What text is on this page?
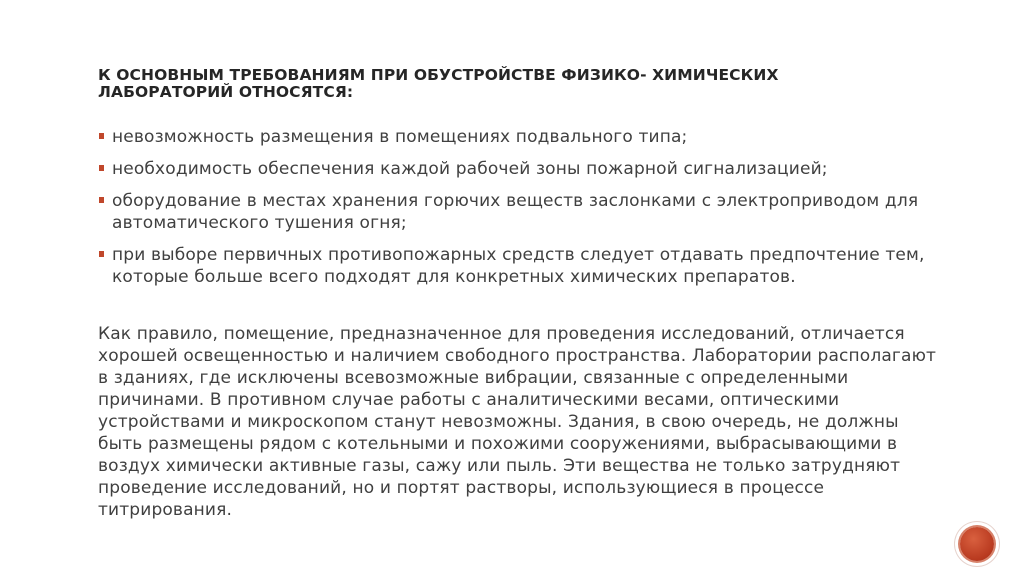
К ОСНОВНЫМ ТРЕБОВАНИЯМ ПРИ ОБУСТРОЙСТВЕ ФИЗИКО- ХИМИЧЕСКИХ ЛАБОРАТОРИЙ ОТНОСЯТСЯ:
невозможность размещения в помещениях подвального типа;
необходимость обеспечения каждой рабочей зоны пожарной сигнализацией;
оборудование в местах хранения горючих веществ заслонками с электроприводом для автоматического тушения огня;
при выборе первичных противопожарных средств следует отдавать предпочтение тем, которые больше всего подходят для конкретных химических препаратов.
Как правило, помещение, предназначенное для проведения исследований, отличается хорошей освещенностью и наличием свободного пространства. Лаборатории располагают в зданиях, где исключены всевозможные вибрации, связанные с определенными причинами. В противном случае работы с аналитическими весами, оптическими устройствами и микроскопом станут невозможны. Здания, в свою очередь, не должны быть размещены рядом с котельными и похожими сооружениями, выбрасывающими в воздух химически активные газы, сажу или пыль. Эти вещества не только затрудняют проведение исследований, но и портят растворы, использующиеся в процессе титрирования.
